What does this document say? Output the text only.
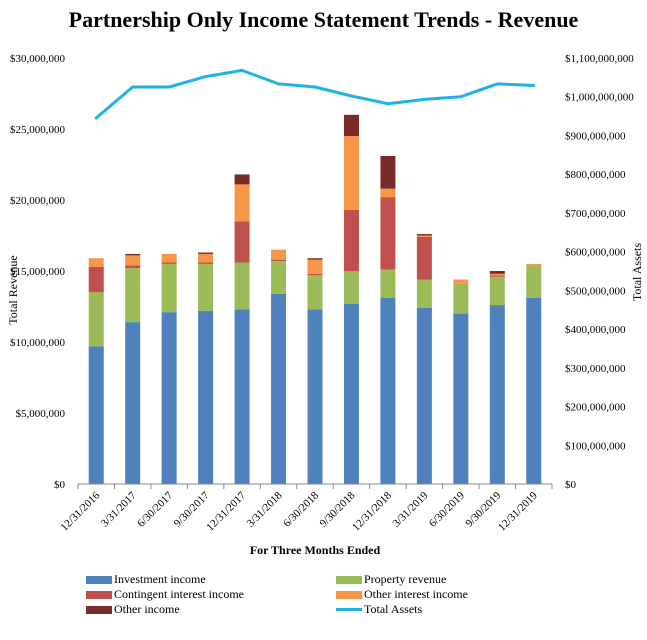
12/31/2016
3/31/2017
6/30/2017
9/30/2017
12/31/2017
3/31/2018
6/30/2018
9/30/2018
12/31/2018
3/31/2019
6/30/2019
9/30/2019
12/31/2019
$0
$5,000,000
$10,000,000
$15,000,000
$20,000,000
$25,000,000
$30,000,000
$0
$100,000,000
$200,000,000
$300,000,000
$400,000,000
$500,000,000
$600,000,000
$700,000,000
$800,000,000
$900,000,000
$1,000,000,000
$1,100,000,000
For Three Months Ended
Total Revenue	Total Assets
Partnership Only Income Statement Trends - Revenue
Investment income	Property revenue
Contingent interest income	Other interest income
Other income	Total Assets
